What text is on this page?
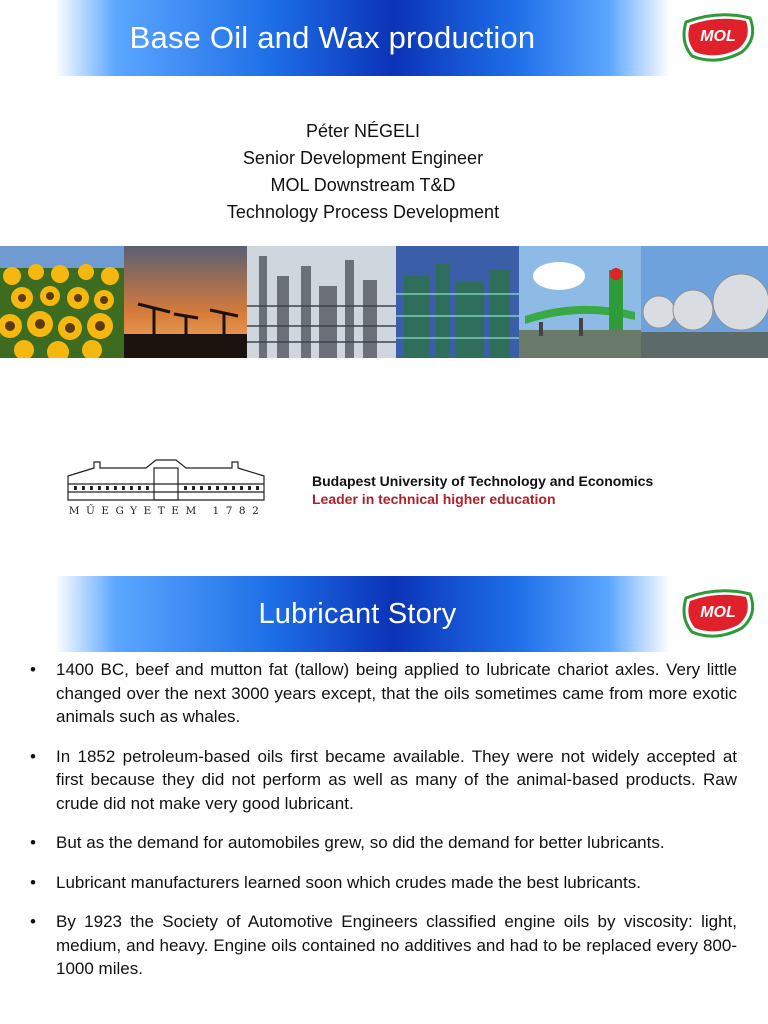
Base Oil and Wax production	MOL
Péter NÉGELI
Senior Development Engineer
MOL Downstream T&D
Technology Process Development
MŰEGYETEM 1782
Budapest University of Technology and Economics
Leader in technical higher education
Lubricant Story	MOL
• 1400 BC, beef and mutton fat (tallow) being applied to lubricate chariot axles. Very little changed over the next 3000 years except, that the oils sometimes came from more exotic animals such as whales.
• In 1852 petroleum-based oils first became available. They were not widely accepted at first because they did not perform as well as many of the animal-based products. Raw crude did not make very good lubricant.
• But as the demand for automobiles grew, so did the demand for better lubricants.
• Lubricant manufacturers learned soon which crudes made the best lubricants.
• By 1923 the Society of Automotive Engineers classified engine oils by viscosity: light, medium, and heavy. Engine oils contained no additives and had to be replaced every 800-1000 miles.
